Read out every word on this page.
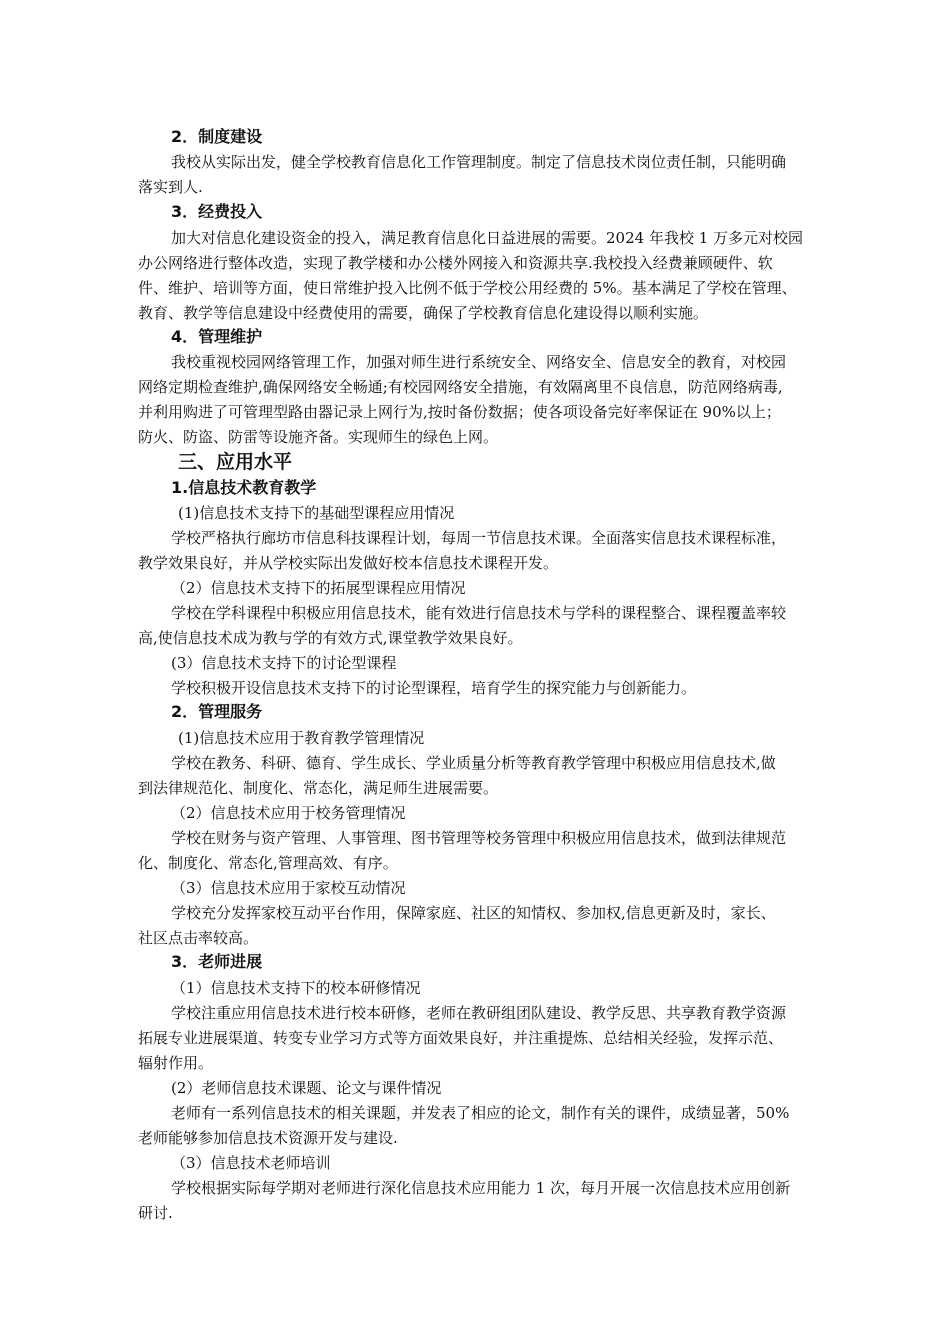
2．制度建设
我校从实际出发，健全学校教育信息化工作管理制度。制定了信息技术岗位责任制，只能明确
落实到人.
3．经费投入
加大对信息化建设资金的投入，满足教育信息化日益进展的需要。2024 年我校 1 万多元对校园
办公网络进行整体改造，实现了教学楼和办公楼外网接入和资源共享.我校投入经费兼顾硬件、软
件、维护、培训等方面，使日常维护投入比例不低于学校公用经费的 5%。基本满足了学校在管理、
教育、教学等信息建设中经费使用的需要，确保了学校教育信息化建设得以顺利实施。
4．管理维护
我校重视校园网络管理工作，加强对师生进行系统安全、网络安全、信息安全的教育，对校园
网络定期检查维护,确保网络安全畅通;有校园网络安全措施，有效隔离里不良信息，防范网络病毒,
并利用购进了可管理型路由器记录上网行为,按时备份数据；使各项设备完好率保证在 90%以上；
防火、防盗、防雷等设施齐备。实现师生的绿色上网。
三、应用水平
1.信息技术教育教学
(1)信息技术支持下的基础型课程应用情况
学校严格执行廊坊市信息科技课程计划，每周一节信息技术课。全面落实信息技术课程标准，
教学效果良好，并从学校实际出发做好校本信息技术课程开发。
（2）信息技术支持下的拓展型课程应用情况
学校在学科课程中积极应用信息技术，能有效进行信息技术与学科的课程整合、课程覆盖率较
高,使信息技术成为教与学的有效方式,课堂教学效果良好。
(3）信息技术支持下的讨论型课程
学校积极开设信息技术支持下的讨论型课程，培育学生的探究能力与创新能力。
2．管理服务
(1)信息技术应用于教育教学管理情况
学校在教务、科研、德育、学生成长、学业质量分析等教育教学管理中积极应用信息技术,做
到法律规范化、制度化、常态化，满足师生进展需要。
（2）信息技术应用于校务管理情况
学校在财务与资产管理、人事管理、图书管理等校务管理中积极应用信息技术，做到法律规范
化、制度化、常态化,管理高效、有序。
（3）信息技术应用于家校互动情况
学校充分发挥家校互动平台作用，保障家庭、社区的知情权、参加权,信息更新及时，家长、
社区点击率较高。
3．老师进展
（1）信息技术支持下的校本研修情况
学校注重应用信息技术进行校本研修，老师在教研组团队建设、教学反思、共享教育教学资源
拓展专业进展渠道、转变专业学习方式等方面效果良好，并注重提炼、总结相关经验，发挥示范、
辐射作用。
(2）老师信息技术课题、论文与课件情况
老师有一系列信息技术的相关课题，并发表了相应的论文，制作有关的课件，成绩显著，50%
老师能够参加信息技术资源开发与建设.
（3）信息技术老师培训
学校根据实际每学期对老师进行深化信息技术应用能力 1 次，每月开展一次信息技术应用创新
研讨.
